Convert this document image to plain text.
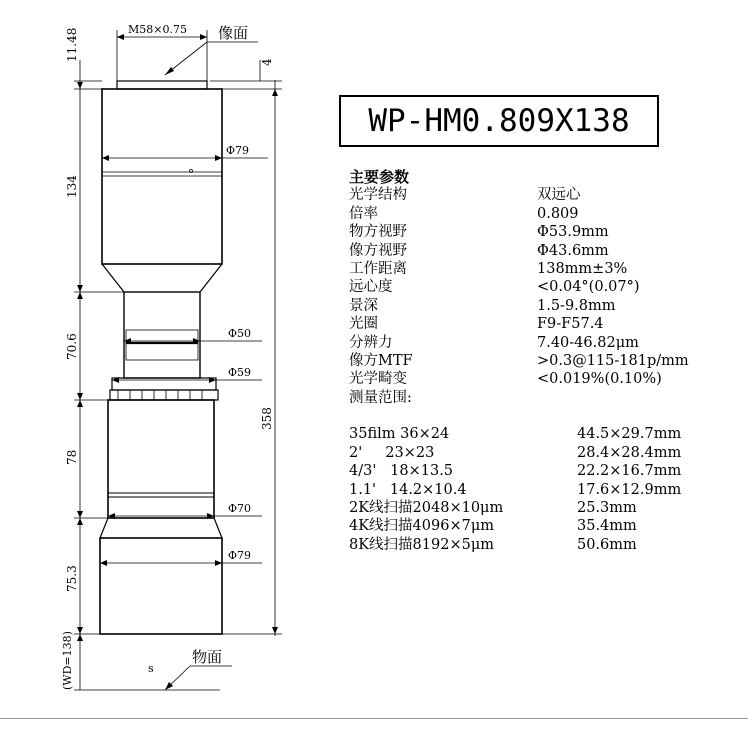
M58×0.75 像面
11.48
4
134
70.6
78
75.3
(WD=138)
358
Φ79
Φ50
Φ59
Φ70
Φ79
s
物面
WP-HM0.809X138
主要参数
光学结构	双远心
倍率	0.809
物方视野	Φ53.9mm
像方视野	Φ43.6mm
工作距离	138mm±3%
远心度	<0.04°(0.07°)
景深	1.5-9.8mm
光圈	F9-F57.4
分辨力	7.40-46.82μm
像方MTF	>0.3@115-181p/mm
光学畸变	<0.019%(0.10%)
测量范围:
35film 36×24	44.5×29.7mm
2'     23×23	28.4×28.4mm
4/3'   18×13.5	22.2×16.7mm
1.1'   14.2×10.4	17.6×12.9mm
2K线扫描2048×10μm	25.3mm
4K线扫描4096×7μm	35.4mm
8K线扫描8192×5μm	50.6mm
